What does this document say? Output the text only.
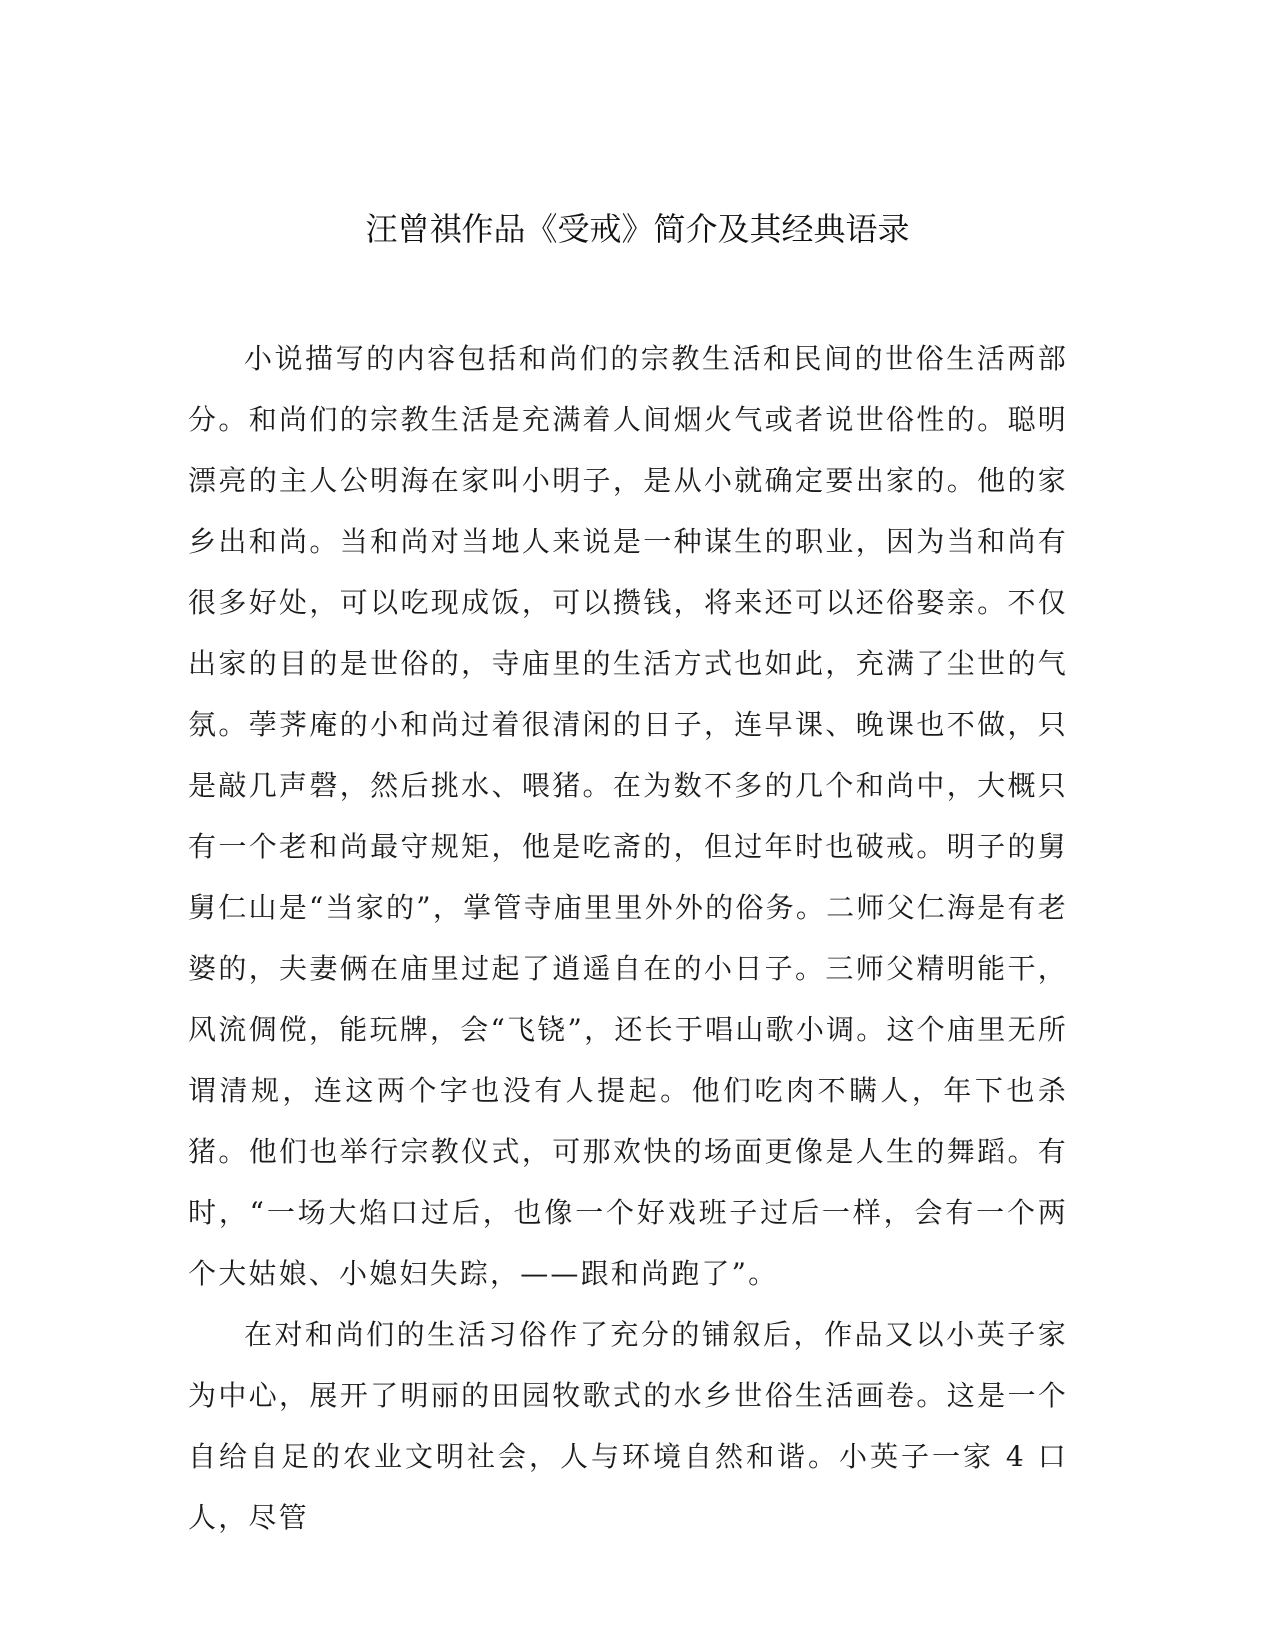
汪曾祺作品《受戒》简介及其经典语录

小说描写的内容包括和尚们的宗教生活和民间的世俗生活两部分。和尚们的宗教生活是充满着人间烟火气或者说世俗性的。聪明漂亮的主人公明海在家叫小明子，是从小就确定要出家的。他的家乡出和尚。当和尚对当地人来说是一种谋生的职业，因为当和尚有很多好处，可以吃现成饭，可以攒钱，将来还可以还俗娶亲。不仅出家的目的是世俗的，寺庙里的生活方式也如此，充满了尘世的气氛。荸荠庵的小和尚过着很清闲的日子，连早课、晚课也不做，只是敲几声磬，然后挑水、喂猪。在为数不多的几个和尚中，大概只有一个老和尚最守规矩，他是吃斋的，但过年时也破戒。明子的舅舅仁山是“当家的”，掌管寺庙里里外外的俗务。二师父仁海是有老婆的，夫妻俩在庙里过起了逍遥自在的小日子。三师父精明能干，风流倜傥，能玩牌，会“飞铙”，还长于唱山歌小调。这个庙里无所谓清规，连这两个字也没有人提起。他们吃肉不瞒人，年下也杀猪。他们也举行宗教仪式，可那欢快的场面更像是人生的舞蹈。有时，“一场大焰口过后，也像一个好戏班子过后一样，会有一个两个大姑娘、小媳妇失踪，——跟和尚跑了”。

在对和尚们的生活习俗作了充分的铺叙后，作品又以小英子家为中心，展开了明丽的田园牧歌式的水乡世俗生活画卷。这是一个自给自足的农业文明社会，人与环境自然和谐。小英子一家 4 口人，尽管
